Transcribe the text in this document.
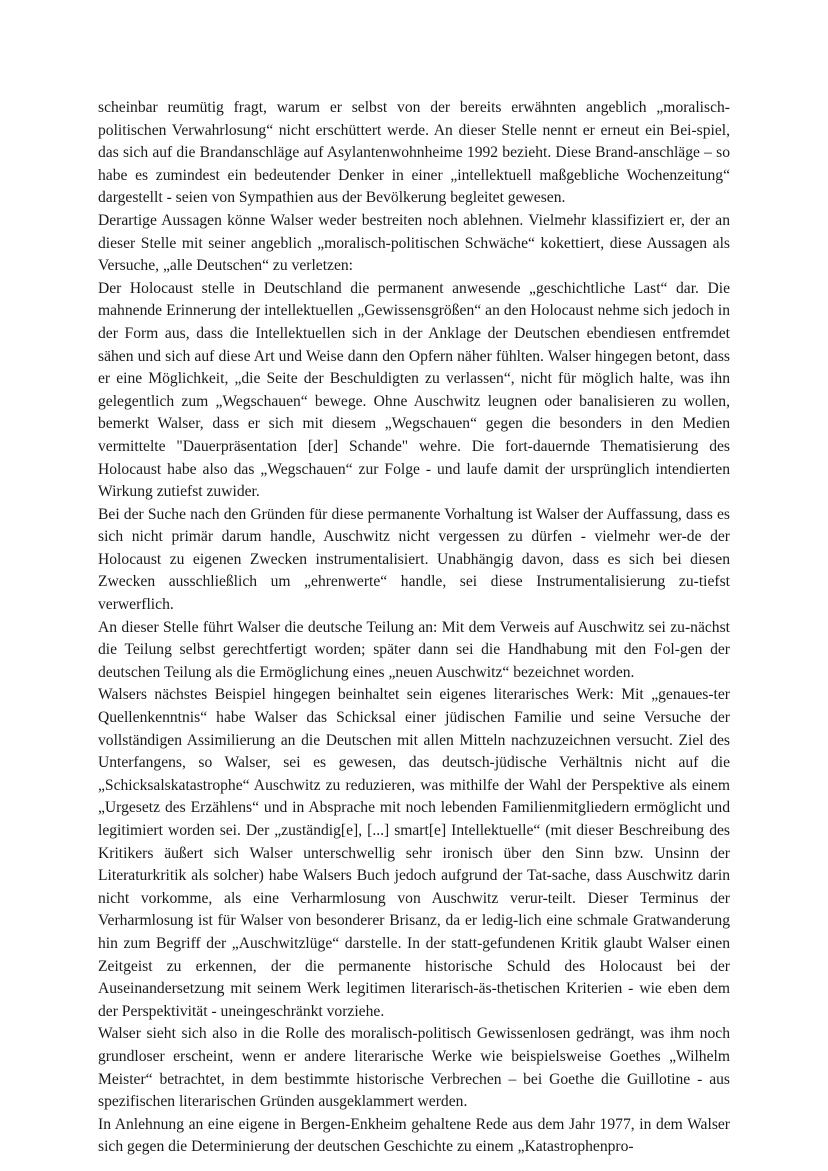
scheinbar reumütig fragt, warum er selbst von der bereits erwähnten angeblich „moralisch-politischen Verwahrlosung“ nicht erschüttert werde. An dieser Stelle nennt er erneut ein Bei-spiel, das sich auf die Brandanschläge auf Asylantenwohnheime 1992 bezieht. Diese Brand-anschläge – so habe es zumindest ein bedeutender Denker in einer „intellektuell maßgebliche Wochenzeitung“ dargestellt - seien von Sympathien aus der Bevölkerung begleitet gewesen.

Derartige Aussagen könne Walser weder bestreiten noch ablehnen. Vielmehr klassifiziert er, der an dieser Stelle mit seiner angeblich „moralisch-politischen Schwäche“ kokettiert, diese Aussagen als Versuche, „alle Deutschen“ zu verletzen:

Der Holocaust stelle in Deutschland die permanent anwesende „geschichtliche Last“ dar. Die mahnende Erinnerung der intellektuellen „Gewissensgrößen“ an den Holocaust nehme sich jedoch in der Form aus, dass die Intellektuellen sich in der Anklage der Deutschen ebendiesen entfremdet sähen und sich auf diese Art und Weise dann den Opfern näher fühlten. Walser hingegen betont, dass er eine Möglichkeit, „die Seite der Beschuldigten zu verlassen“, nicht für möglich halte, was ihn gelegentlich zum „Wegschauen“ bewege. Ohne Auschwitz leugnen oder banalisieren zu wollen, bemerkt Walser, dass er sich mit diesem „Wegschauen“ gegen die besonders in den Medien vermittelte "Dauerpräsentation [der] Schande" wehre. Die fort-dauernde Thematisierung des Holocaust habe also das „Wegschauen“ zur Folge - und laufe damit der ursprünglich intendierten Wirkung zutiefst zuwider.

Bei der Suche nach den Gründen für diese permanente Vorhaltung ist Walser der Auffassung, dass es sich nicht primär darum handle, Auschwitz nicht vergessen zu dürfen - vielmehr wer-de der Holocaust zu eigenen Zwecken instrumentalisiert. Unabhängig davon, dass es sich bei diesen Zwecken ausschließlich um „ehrenwerte“ handle, sei diese Instrumentalisierung zu-tiefst verwerflich.

An dieser Stelle führt Walser die deutsche Teilung an: Mit dem Verweis auf Auschwitz sei zu-nächst die Teilung selbst gerechtfertigt worden; später dann sei die Handhabung mit den Fol-gen der deutschen Teilung als die Ermöglichung eines „neuen Auschwitz“ bezeichnet worden.

Walsers nächstes Beispiel hingegen beinhaltet sein eigenes literarisches Werk: Mit „genaues-ter Quellenkenntnis“ habe Walser das Schicksal einer jüdischen Familie und seine Versuche der vollständigen Assimilierung an die Deutschen mit allen Mitteln nachzuzeichnen versucht. Ziel des Unterfangens, so Walser, sei es gewesen, das deutsch-jüdische Verhältnis nicht auf die „Schicksalskatastrophe“ Auschwitz zu reduzieren, was mithilfe der Wahl der Perspektive als einem „Urgesetz des Erzählens“ und in Absprache mit noch lebenden Familienmitgliedern ermöglicht und legitimiert worden sei. Der „zuständig[e], [...] smart[e] Intellektuelle“ (mit dieser Beschreibung des Kritikers äußert sich Walser unterschwellig sehr ironisch über den Sinn bzw. Unsinn der Literaturkritik als solcher) habe Walsers Buch jedoch aufgrund der Tat-sache, dass Auschwitz darin nicht vorkomme, als eine Verharmlosung von Auschwitz verur-teilt. Dieser Terminus der Verharmlosung ist für Walser von besonderer Brisanz, da er ledig-lich eine schmale Gratwanderung hin zum Begriff der „Auschwitzlüge“ darstelle. In der statt-gefundenen Kritik glaubt Walser einen Zeitgeist zu erkennen, der die permanente historische Schuld des Holocaust bei der Auseinandersetzung mit seinem Werk legitimen literarisch-äs-thetischen Kriterien - wie eben dem der Perspektivität - uneingeschränkt vorziehe.

Walser sieht sich also in die Rolle des moralisch-politisch Gewissenlosen gedrängt, was ihm noch grundloser erscheint, wenn er andere literarische Werke wie beispielsweise Goethes „Wilhelm Meister“ betrachtet, in dem bestimmte historische Verbrechen – bei Goethe die Guillotine - aus spezifischen literarischen Gründen ausgeklammert werden.

In Anlehnung an eine eigene in Bergen-Enkheim gehaltene Rede aus dem Jahr 1977, in dem Walser sich gegen die Determinierung der deutschen Geschichte zu einem „Katastrophenpro-
